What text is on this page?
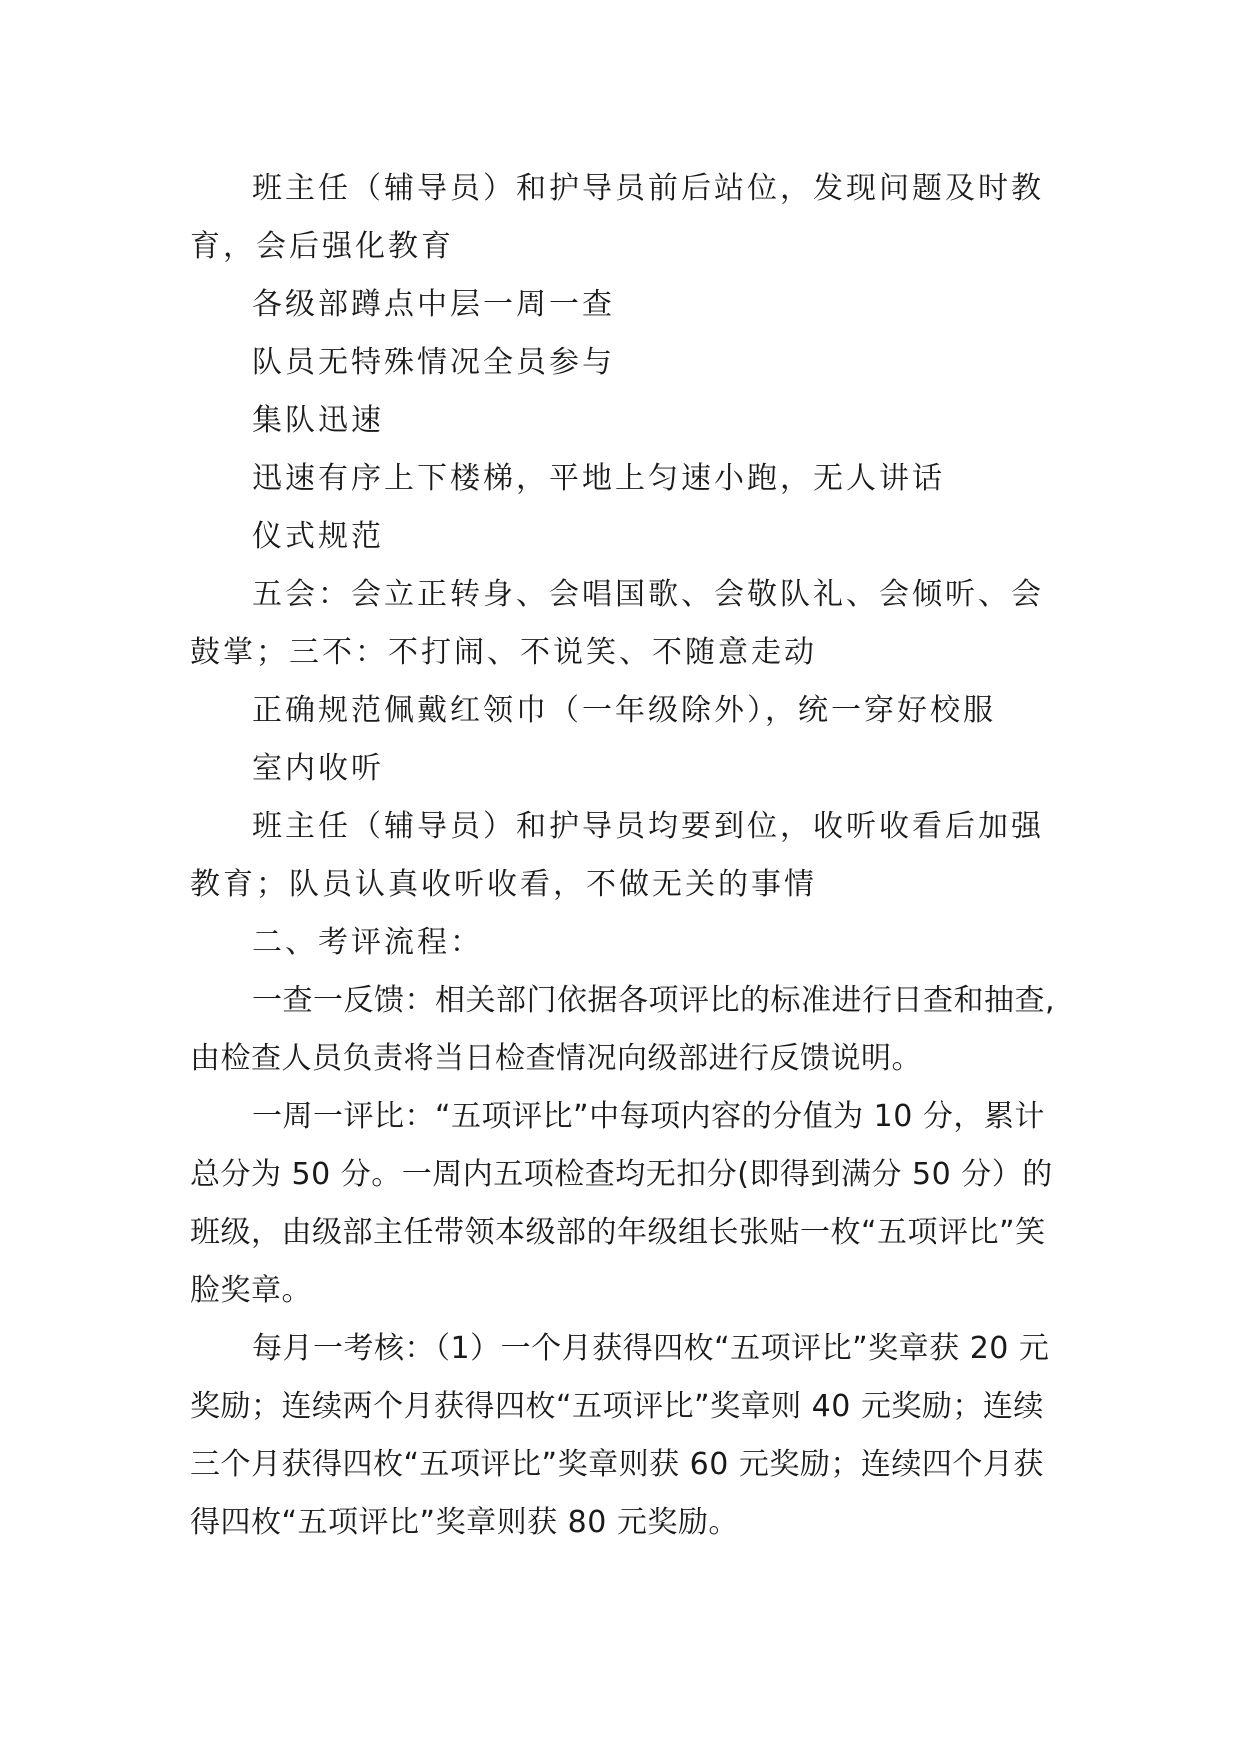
班主任（辅导员）和护导员前后站位，发现问题及时教育，会后强化教育

各级部蹲点中层一周一查

队员无特殊情况全员参与

集队迅速

迅速有序上下楼梯，平地上匀速小跑，无人讲话

仪式规范

五会：会立正转身、会唱国歌、会敬队礼、会倾听、会鼓掌；三不：不打闹、不说笑、不随意走动

正确规范佩戴红领巾（一年级除外），统一穿好校服

室内收听

班主任（辅导员）和护导员均要到位，收听收看后加强教育；队员认真收听收看，不做无关的事情

二、考评流程：

一查一反馈：相关部门依据各项评比的标准进行日查和抽查,由检查人员负责将当日检查情况向级部进行反馈说明。

一周一评比：“五项评比”中每项内容的分值为 10 分，累计总分为 50 分。一周内五项检查均无扣分(即得到满分 50 分）的班级，由级部主任带领本级部的年级组长张贴一枚“五项评比”笑脸奖章。

每月一考核：（1）一个月获得四枚“五项评比”奖章获 20 元奖励；连续两个月获得四枚“五项评比”奖章则 40 元奖励；连续三个月获得四枚“五项评比”奖章则获 60 元奖励；连续四个月获得四枚“五项评比”奖章则获 80 元奖励。
